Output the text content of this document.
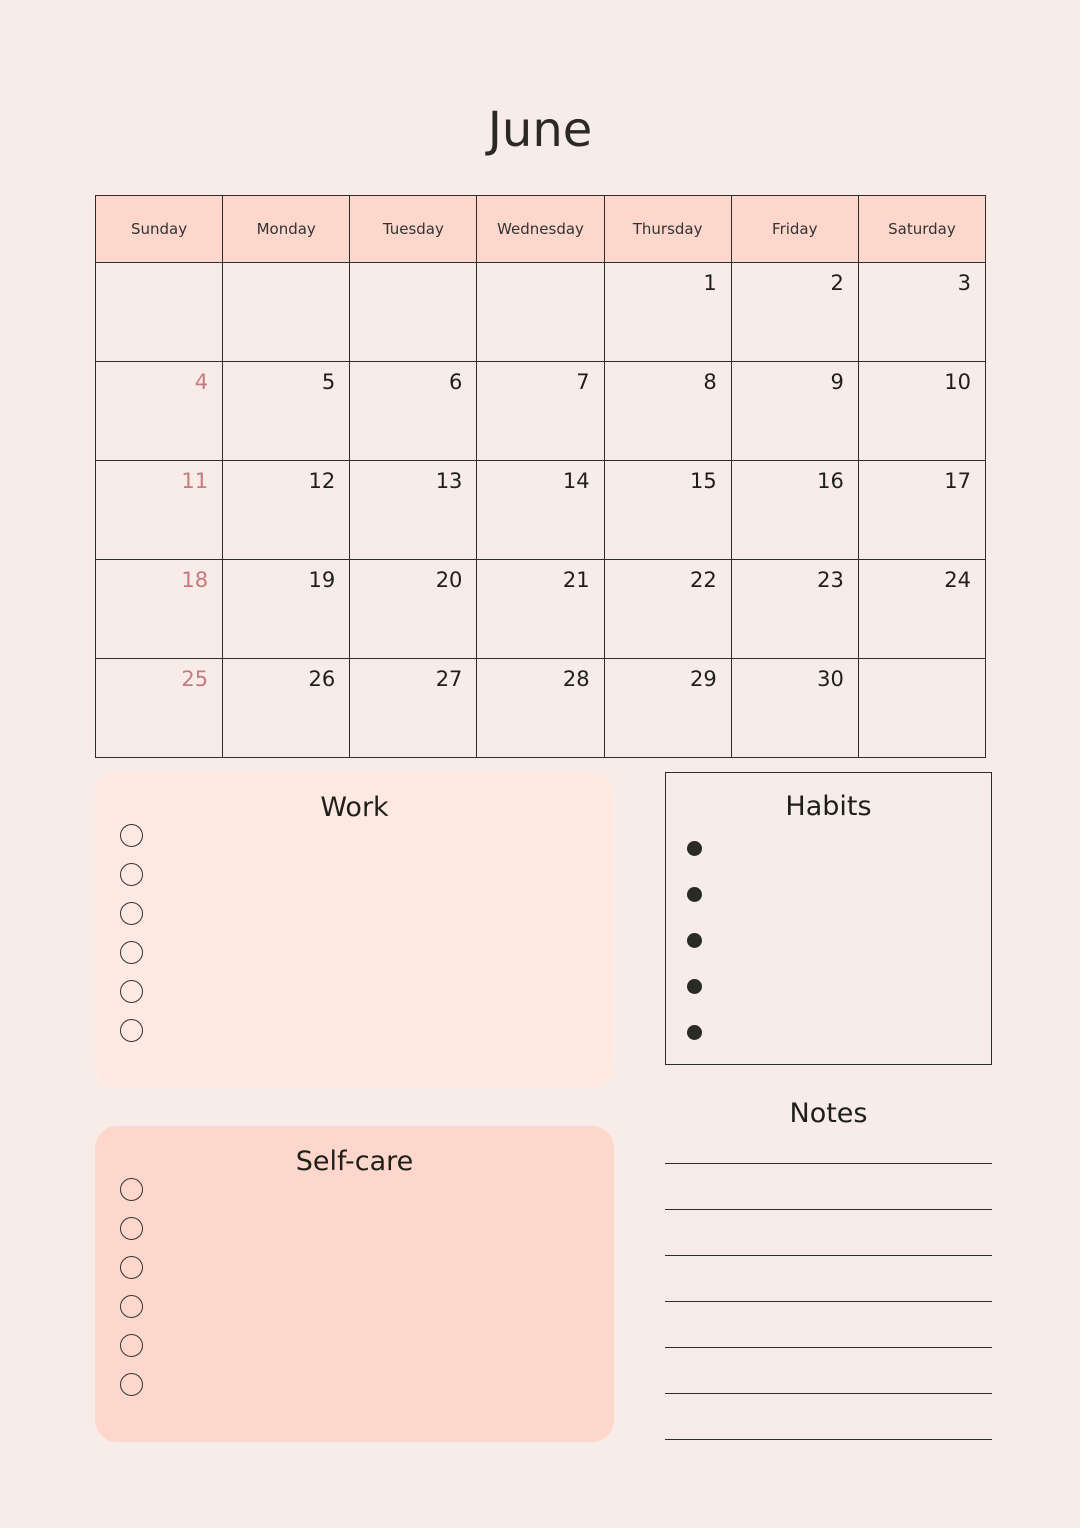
June
Sunday	Monday	Tuesday	Wednesday	Thursday	Friday	Saturday
				1	2	3
4	5	6	7	8	9	10
11	12	13	14	15	16	17
18	19	20	21	22	23	24
25	26	27	28	29	30	
Work
Self-care
Habits
Notes
